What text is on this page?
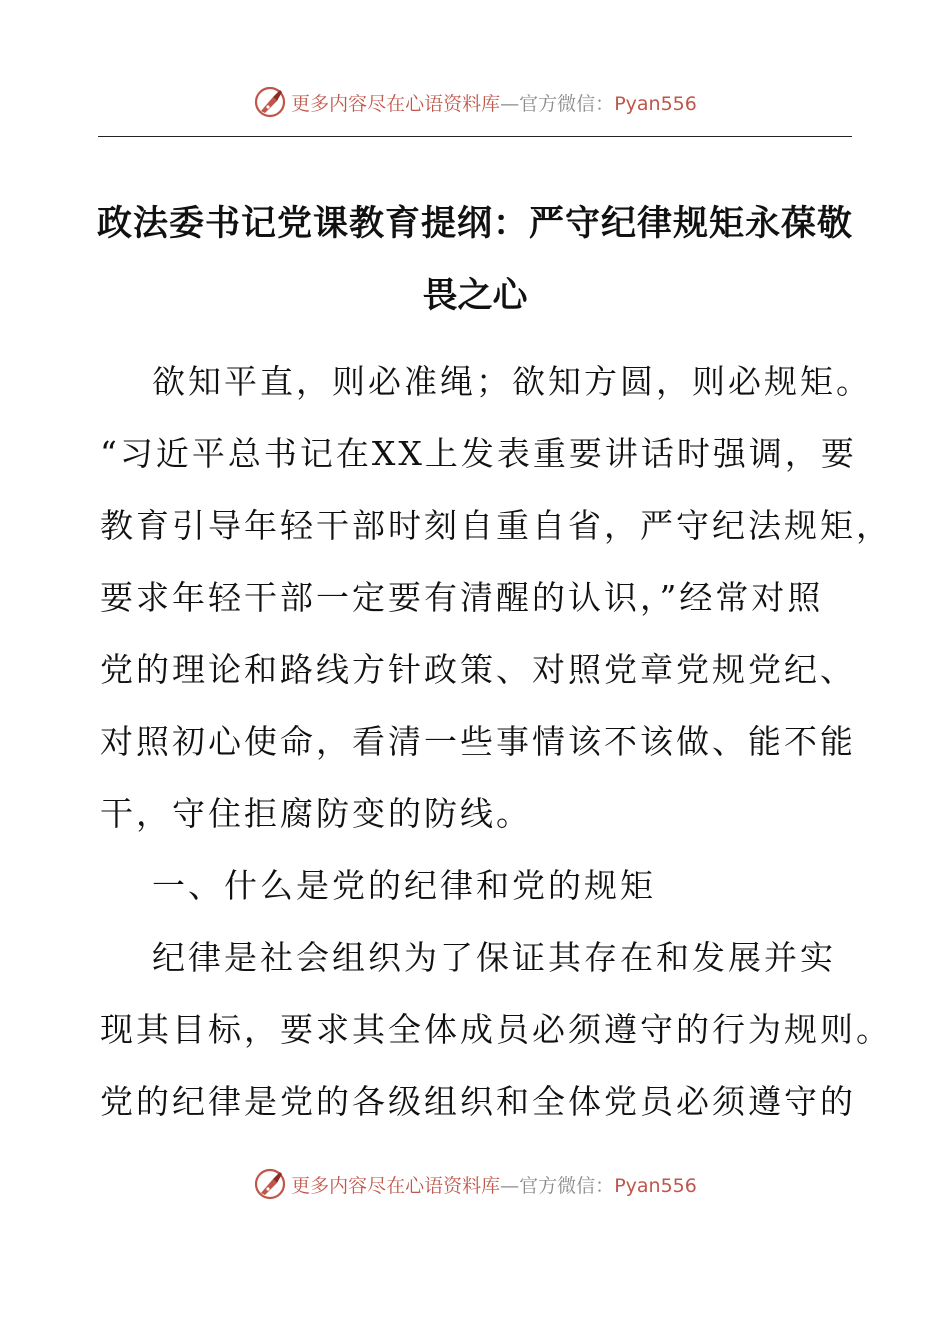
更多内容尽在心语资料库—官方微信：Pyan556
政法委书记党课教育提纲：严守纪律规矩永葆敬
畏之心
欲知平直，则必准绳；欲知方圆，则必规矩。
“习近平总书记在XX上发表重要讲话时强调，要
教育引导年轻干部时刻自重自省，严守纪法规矩，
要求年轻干部一定要有清醒的认识，”经常对照
党的理论和路线方针政策、对照党章党规党纪、
对照初心使命，看清一些事情该不该做、能不能
干，守住拒腐防变的防线。
一、什么是党的纪律和党的规矩
纪律是社会组织为了保证其存在和发展并实
现其目标，要求其全体成员必须遵守的行为规则。
党的纪律是党的各级组织和全体党员必须遵守的
更多内容尽在心语资料库—官方微信：Pyan556
